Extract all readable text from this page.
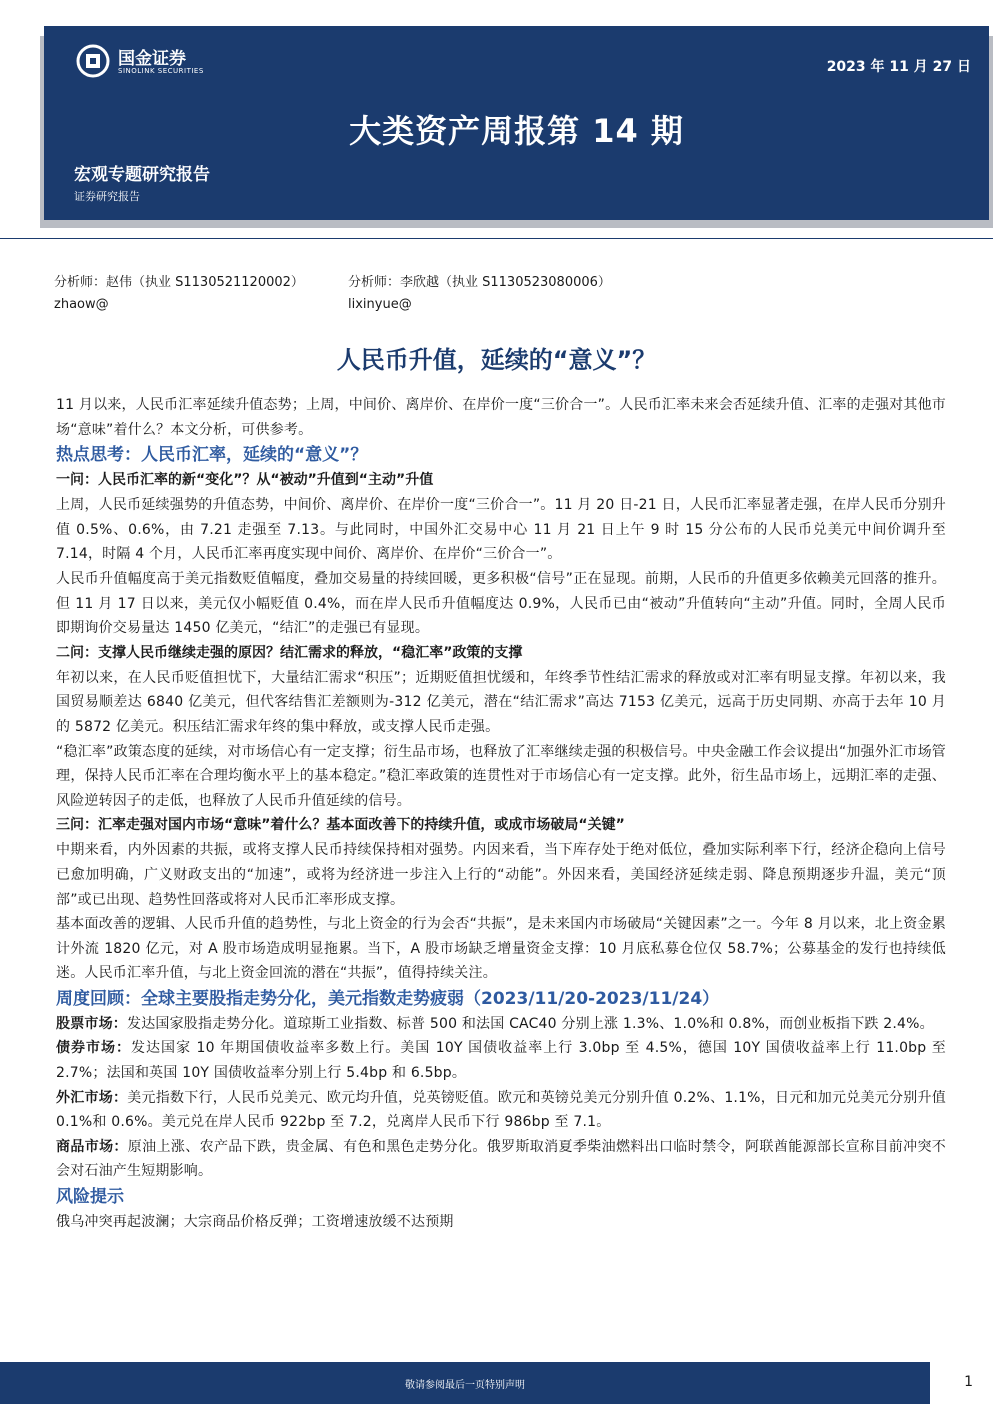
国金证券
SINOLINK SECURITIES	2023 年 11 月 27 日
大类资产周报第 14 期
宏观专题研究报告
证券研究报告
分析师：赵伟（执业 S1130521120002）
zhaow@
分析师：李欣越（执业 S1130523080006）
lixinyue@
人民币升值，延续的“意义”？

11 月以来，人民币汇率延续升值态势；上周，中间价、离岸价、在岸价一度“三价合一”。人民币汇率未来会否延续升值、汇率的走强对其他市场“意味”着什么？本文分析，可供参考。

热点思考：人民币汇率，延续的“意义”？

一问：人民币汇率的新“变化”？从“被动”升值到“主动”升值

上周，人民币延续强势的升值态势，中间价、离岸价、在岸价一度“三价合一”。11 月 20 日-21 日，人民币汇率显著走强，在岸人民币分别升值 0.5%、0.6%，由 7.21 走强至 7.13。与此同时，中国外汇交易中心 11 月 21 日上午 9 时 15 分公布的人民币兑美元中间价调升至 7.14，时隔 4 个月，人民币汇率再度实现中间价、离岸价、在岸价“三价合一”。

人民币升值幅度高于美元指数贬值幅度，叠加交易量的持续回暖，更多积极“信号”正在显现。前期，人民币的升值更多依赖美元回落的推升。但 11 月 17 日以来，美元仅小幅贬值 0.4%，而在岸人民币升值幅度达 0.9%，人民币已由“被动”升值转向“主动”升值。同时，全周人民币即期询价交易量达 1450 亿美元，“结汇”的走强已有显现。

二问：支撑人民币继续走强的原因？结汇需求的释放，“稳汇率”政策的支撑

年初以来，在人民币贬值担忧下，大量结汇需求“积压”；近期贬值担忧缓和，年终季节性结汇需求的释放或对汇率有明显支撑。年初以来，我国贸易顺差达 6840 亿美元，但代客结售汇差额则为-312 亿美元，潜在“结汇需求”高达 7153 亿美元，远高于历史同期、亦高于去年 10 月的 5872 亿美元。积压结汇需求年终的集中释放，或支撑人民币走强。

“稳汇率”政策态度的延续，对市场信心有一定支撑；衍生品市场，也释放了汇率继续走强的积极信号。中央金融工作会议提出“加强外汇市场管理，保持人民币汇率在合理均衡水平上的基本稳定。”稳汇率政策的连贯性对于市场信心有一定支撑。此外，衍生品市场上，远期汇率的走强、风险逆转因子的走低，也释放了人民币升值延续的信号。

三问：汇率走强对国内市场“意味”着什么？基本面改善下的持续升值，或成市场破局“关键”

中期来看，内外因素的共振，或将支撑人民币持续保持相对强势。内因来看，当下库存处于绝对低位，叠加实际利率下行，经济企稳向上信号已愈加明确，广义财政支出的“加速”，或将为经济进一步注入上行的“动能”。外因来看，美国经济延续走弱、降息预期逐步升温，美元“顶部”或已出现、趋势性回落或将对人民币汇率形成支撑。

基本面改善的逻辑、人民币升值的趋势性，与北上资金的行为会否“共振”，是未来国内市场破局“关键因素”之一。今年 8 月以来，北上资金累计外流 1820 亿元，对 A 股市场造成明显拖累。当下，A 股市场缺乏增量资金支撑：10 月底私募仓位仅 58.7%；公募基金的发行也持续低迷。人民币汇率升值，与北上资金回流的潜在“共振”，值得持续关注。

周度回顾：全球主要股指走势分化，美元指数走势疲弱（2023/11/20-2023/11/24）

股票市场：发达国家股指走势分化。道琼斯工业指数、标普 500 和法国 CAC40 分别上涨 1.3%、1.0%和 0.8%，而创业板指下跌 2.4%。

债券市场：发达国家 10 年期国债收益率多数上行。美国 10Y 国债收益率上行 3.0bp 至 4.5%，德国 10Y 国债收益率上行 11.0bp 至 2.7%；法国和英国 10Y 国债收益率分别上行 5.4bp 和 6.5bp。

外汇市场：美元指数下行，人民币兑美元、欧元均升值，兑英镑贬值。欧元和英镑兑美元分别升值 0.2%、1.1%，日元和加元兑美元分别升值 0.1%和 0.6%。美元兑在岸人民币 922bp 至 7.2，兑离岸人民币下行 986bp 至 7.1。

商品市场：原油上涨、农产品下跌，贵金属、有色和黑色走势分化。俄罗斯取消夏季柴油燃料出口临时禁令，阿联酋能源部长宣称目前冲突不会对石油产生短期影响。

风险提示

俄乌冲突再起波澜；大宗商品价格反弹；工资增速放缓不达预期

敬请参阅最后一页特别声明	1
